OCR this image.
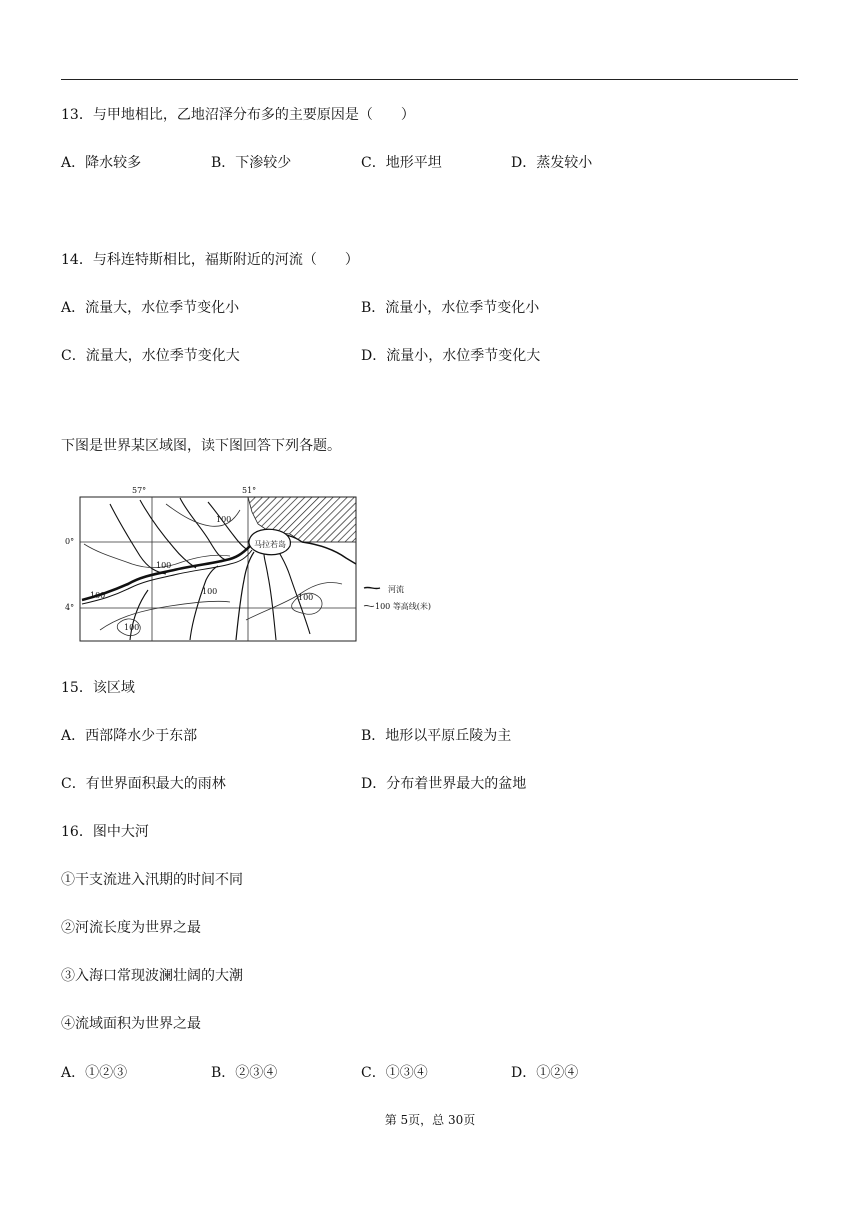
13．与甲地相比，乙地沼泽分布多的主要原因是（　　）
A．降水较多	B．下渗较少	C．地形平坦	D．蒸发较小
14．与科连特斯相比，福斯附近的河流（　　）
A．流量大，水位季节变化小	B．流量小，水位季节变化小
C．流量大，水位季节变化大	D．流量小，水位季节变化大
下图是世界某区域图，读下图回答下列各题。
57°	51°
0°
4°
马拉若岛
100
100
100
100
100
100
河流
100 等高线(米)
15．该区域
A．西部降水少于东部	B．地形以平原丘陵为主
C．有世界面积最大的雨林	D．分布着世界最大的盆地
16．图中大河
①干支流进入汛期的时间不同
②河流长度为世界之最
③入海口常现波澜壮阔的大潮
④流域面积为世界之最
A．①②③	B．②③④	C．①③④	D．①②④
第 5页，总 30页
